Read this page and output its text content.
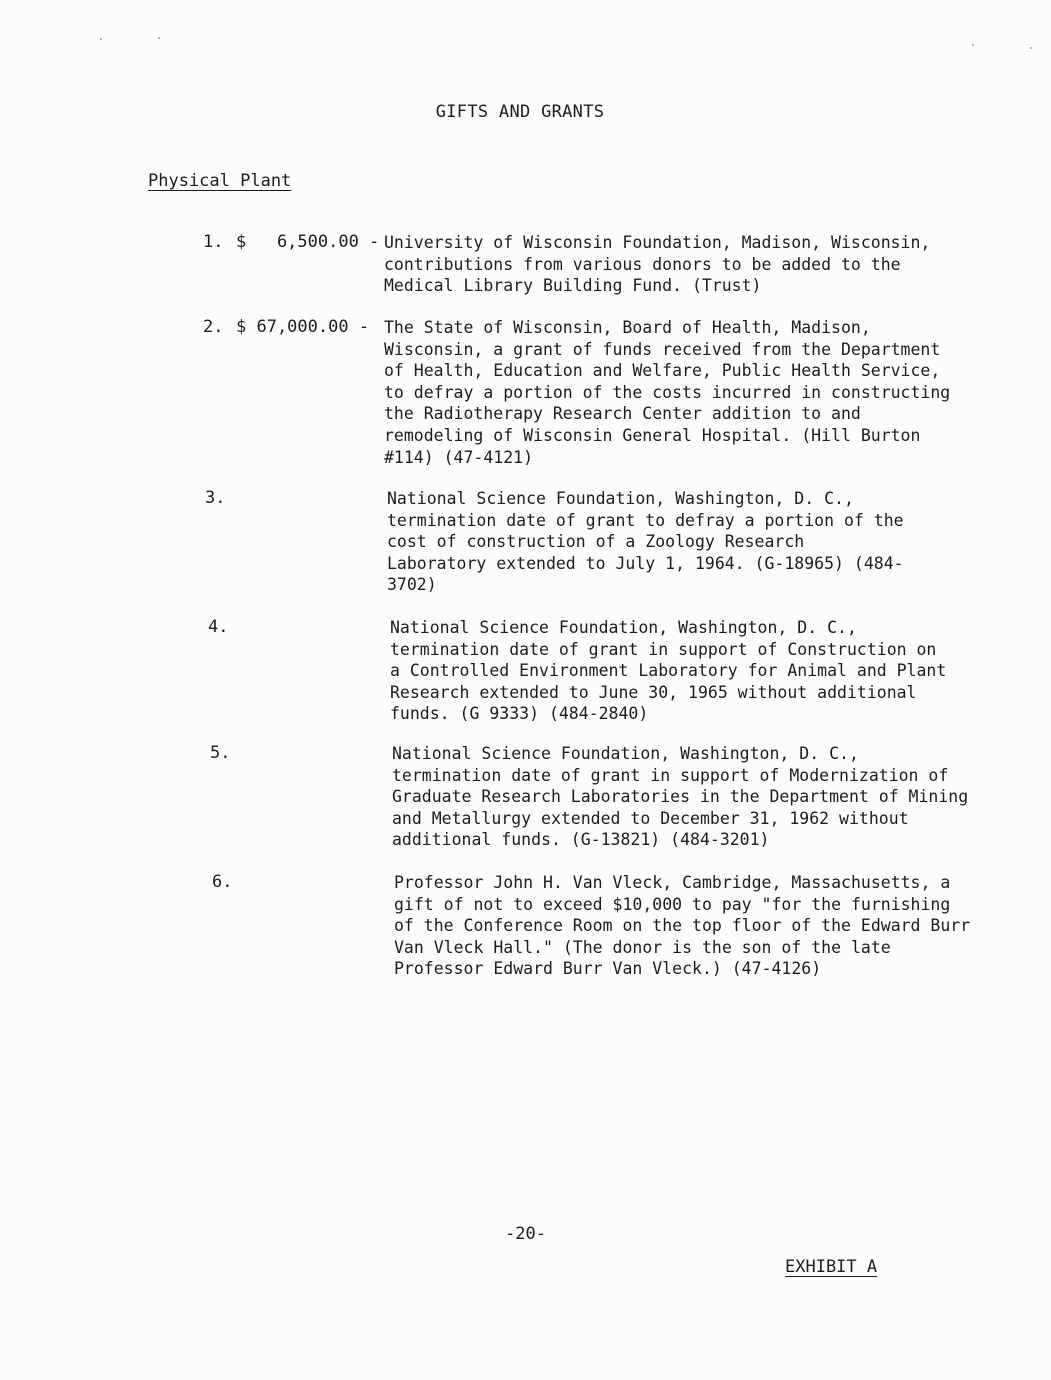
GIFTS AND GRANTS
Physical Plant
1. $   6,500.00 - University of Wisconsin Foundation, Madison, Wisconsin, contributions from various donors to be added to the Medical Library Building Fund. (Trust)
2. $ 67,000.00 - The State of Wisconsin, Board of Health, Madison, Wisconsin, a grant of funds received from the Department of Health, Education and Welfare, Public Health Service, to defray a portion of the costs incurred in constructing the Radiotherapy Research Center addition to and remodeling of Wisconsin General Hospital. (Hill Burton #114) (47-4121)
3.	National Science Foundation, Washington, D. C., termination date of grant to defray a portion of the cost of construction of a Zoology Research Laboratory extended to July 1, 1964. (G-18965) (484-3702)
4.	National Science Foundation, Washington, D. C., termination date of grant in support of Construction on a Controlled Environment Laboratory for Animal and Plant Research extended to June 30, 1965 without additional funds. (G 9333) (484-2840)
5.	National Science Foundation, Washington, D. C., termination date of grant in support of Modernization of Graduate Research Laboratories in the Department of Mining and Metallurgy extended to December 31, 1962 without additional funds. (G-13821) (484-3201)
6.	Professor John H. Van Vleck, Cambridge, Massachusetts, a gift of not to exceed $10,000 to pay "for the furnishing of the Conference Room on the top floor of the Edward Burr Van Vleck Hall." (The donor is the son of the late Professor Edward Burr Van Vleck.) (47-4126)
-20-
EXHIBIT A
